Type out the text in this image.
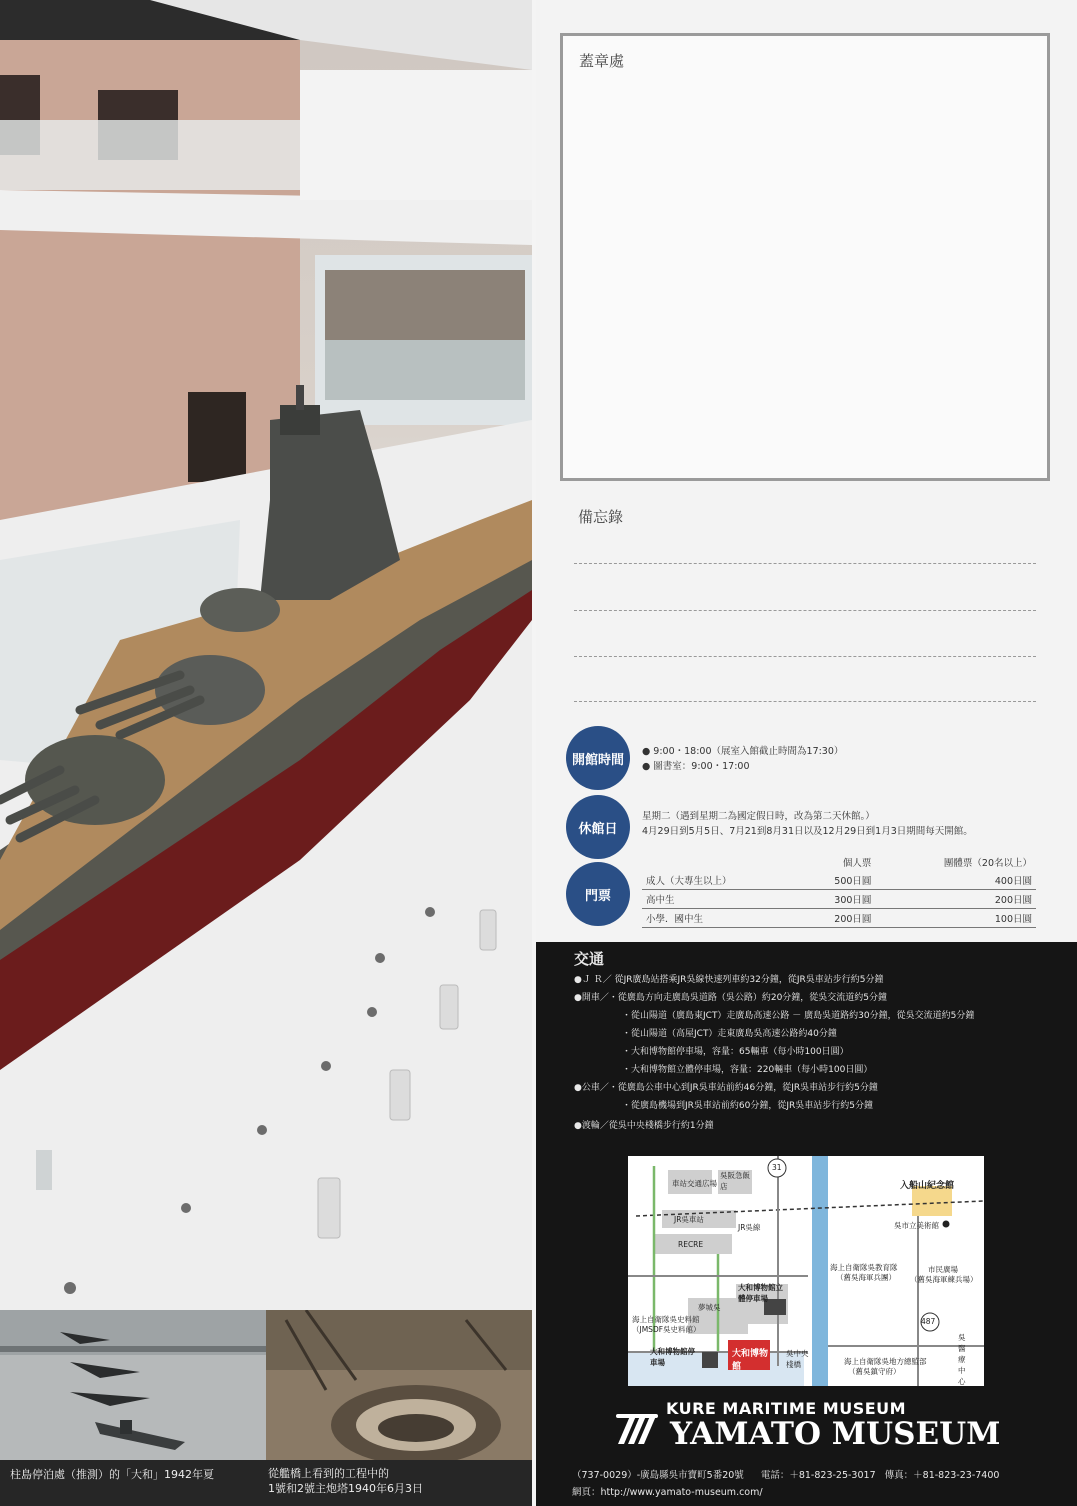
柱島停泊處（推測）的「大和」1942年夏	從艦橋上看到的工程中的
1號和2號主炮塔1940年6月3日
蓋章處
備忘錄
開館時間
● 9:00・18:00（展室入館截止時間為17:30）
● 圖書室：9:00・17:00
休館日
星期二（遇到星期二為國定假日時，改為第二天休館。）
4月29日到5月5日、7月21到8月31日以及12月29日到1月3日期間每天開館。
門票
	個人票	團體票（20名以上）
成人（大專生以上）	500日圓	400日圓
高中生	300日圓	200日圓
小學．國中生	200日圓	100日圓
交通
●Ｊ Ｒ／ 從JR廣島站搭乘JR吳線快速列車約32分鐘，從JR吳車站步行約5分鐘
●開車／・從廣島方向走廣島吳道路（吳公路）約20分鐘，從吳交流道約5分鐘
・從山陽道（廣島東JCT）走廣島高速公路 － 廣島吳道路約30分鐘，從吳交流道約5分鐘
・從山陽道（高屋JCT）走東廣島吳高速公路約40分鐘
・大和博物館停車場，容量：65輛車（每小時100日圓）
・大和博物館立體停車場，容量：220輛車（每小時100日圓）
●公車／・從廣島公車中心到JR吳車站前約46分鐘，從JR吳車站步行約5分鐘
・從廣島機場到JR吳車站前約60分鐘，從JR吳車站步行約5分鐘
●渡輪／從吳中央棧橋步行約1分鐘
31
487
車站交通広場
吳阪急飯店
JR吳車站
JR吳線
RECRE
入船山紀念館
吳市立美術館
海上自衛隊吳教育隊
（舊吳海軍兵團）
市民廣場
（舊吳海軍練兵場）
大和博物館立體停車場
夢城吳
海上自衛隊吳史料館
（JMSDF吳史料館）
大和博物館停車場
大和博物館
吳中央棧橋	海上自衛隊吳地方總監部
（舊吳鎮守府）
吳醫療中心
KURE MARITIME MUSEUM
YAMATO MUSEUM
（737-0029）-廣島縣吳市寶町5番20號 電話：＋81-823-25-3017 傳真：＋81-823-23-7400
網頁：http://www.yamato-museum.com/
